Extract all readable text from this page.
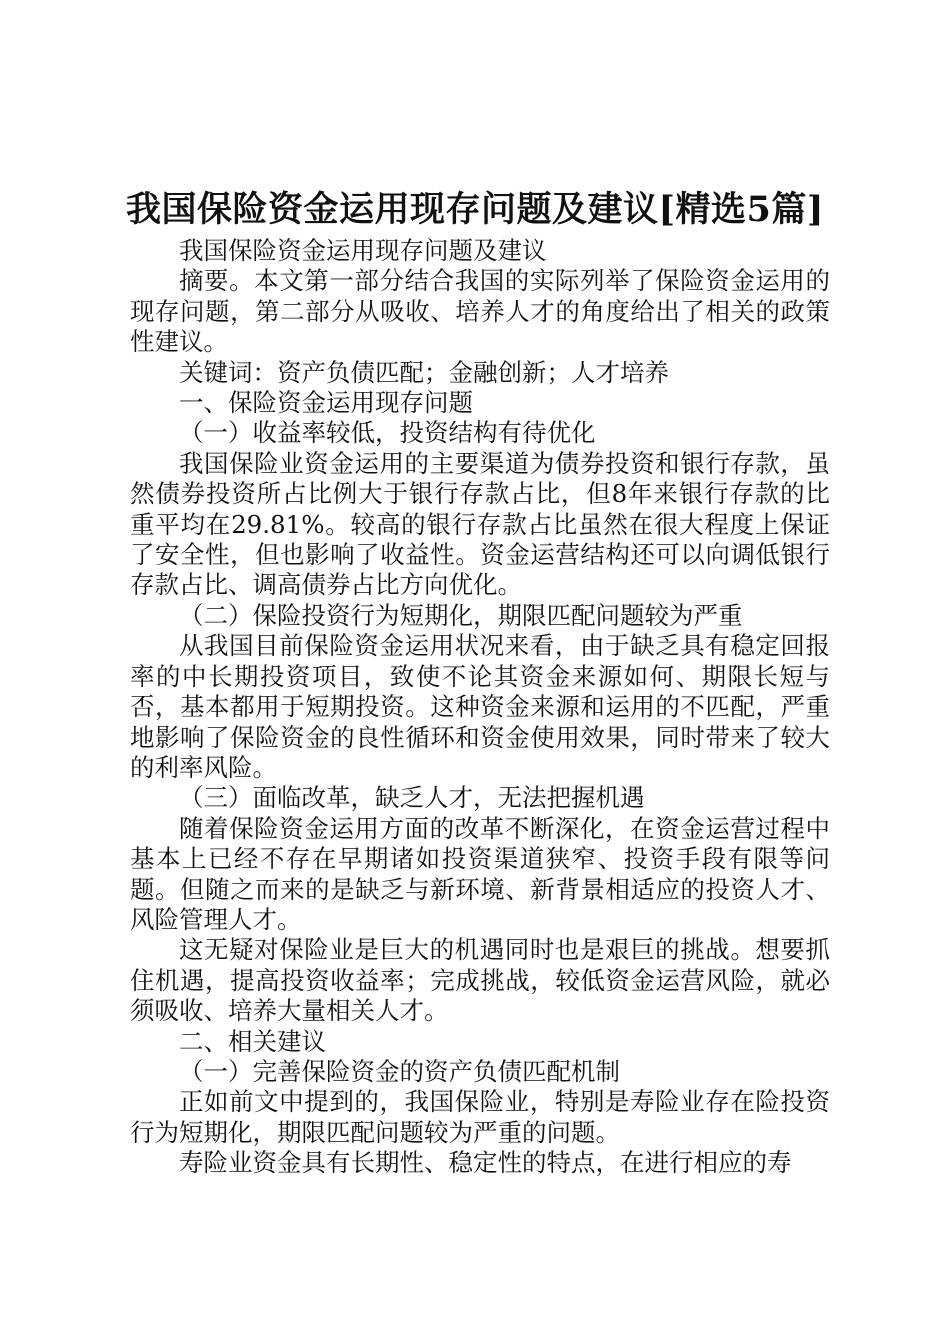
我国保险资金运用现存问题及建议[精选5篇]

我国保险资金运用现存问题及建议

摘要。本文第一部分结合我国的实际列举了保险资金运用的现存问题，第二部分从吸收、培养人才的角度给出了相关的政策性建议。

关键词：资产负债匹配；金融创新；人才培养

一、保险资金运用现存问题

（一）收益率较低，投资结构有待优化

我国保险业资金运用的主要渠道为债券投资和银行存款，虽然债券投资所占比例大于银行存款占比，但8年来银行存款的比重平均在29.81%。较高的银行存款占比虽然在很大程度上保证了安全性，但也影响了收益性。资金运营结构还可以向调低银行存款占比、调高债券占比方向优化。

（二）保险投资行为短期化，期限匹配问题较为严重

从我国目前保险资金运用状况来看，由于缺乏具有稳定回报率的中长期投资项目，致使不论其资金来源如何、期限长短与否，基本都用于短期投资。这种资金来源和运用的不匹配，严重地影响了保险资金的良性循环和资金使用效果，同时带来了较大的利率风险。

（三）面临改革，缺乏人才，无法把握机遇

随着保险资金运用方面的改革不断深化，在资金运营过程中基本上已经不存在早期诸如投资渠道狭窄、投资手段有限等问题。但随之而来的是缺乏与新环境、新背景相适应的投资人才、风险管理人才。

这无疑对保险业是巨大的机遇同时也是艰巨的挑战。想要抓住机遇，提高投资收益率；完成挑战，较低资金运营风险，就必须吸收、培养大量相关人才。

二、相关建议

（一）完善保险资金的资产负债匹配机制

正如前文中提到的，我国保险业，特别是寿险业存在险投资行为短期化，期限匹配问题较为严重的问题。

寿险业资金具有长期性、稳定性的特点，在进行相应的寿
